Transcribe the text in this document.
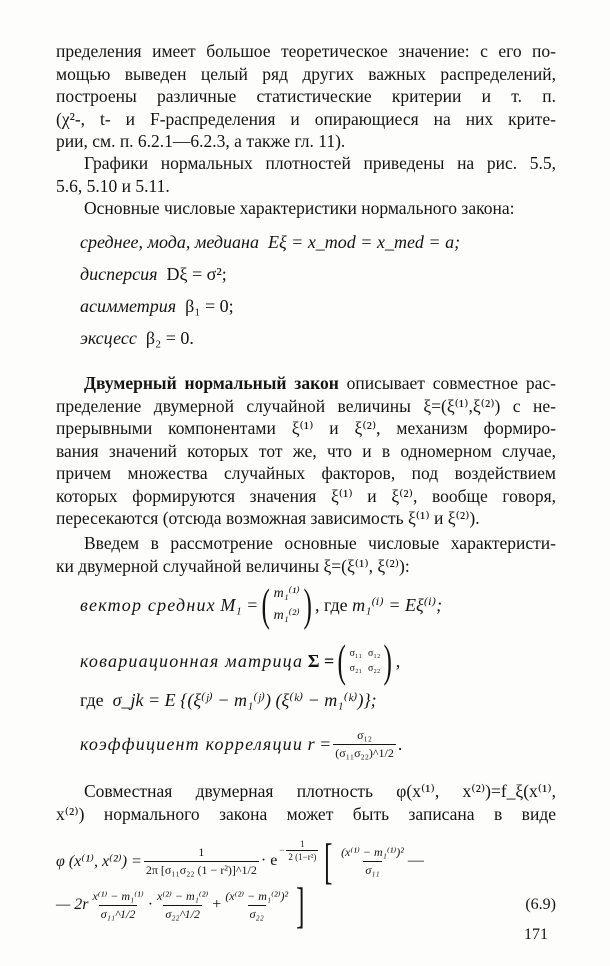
пределения имеет большое теоретическое значение: с его по-
мощью выведен целый ряд других важных распределений,
построены различные статистические критерии и т. п.
(χ²-, t- и F-распределения и опирающиеся на них крите-
рии, см. п. 6.2.1—6.2.3, а также гл. 11).
Графики нормальных плотностей приведены на рис. 5.5,
5.6, 5.10 и 5.11.
Основные числовые характеристики нормального закона:
среднее, мода, медиана Eξ = x_mod = x_med = a;
дисперсия Dξ = σ²;
асимметрия β₁ = 0;
эксцесс β₂ = 0.
Двумерный нормальный закон описывает совместное рас-
пределение двумерной случайной величины ξ=(ξ⁽¹⁾,ξ⁽²⁾) с не-
прерывными компонентами ξ⁽¹⁾ и ξ⁽²⁾, механизм формиро-
вания значений которых тот же, что и в одномерном случае,
причем множества случайных факторов, под воздействием
которых формируются значения ξ⁽¹⁾ и ξ⁽²⁾, вообще говоря,
пересекаются (отсюда возможная зависимость ξ⁽¹⁾ и ξ⁽²⁾).
Введем в рассмотрение основные числовые характеристи-
ки двумерной случайной величины ξ=(ξ⁽¹⁾, ξ⁽²⁾):
вектор средних
M₁ = ( m₁⁽¹⁾
m₁⁽²⁾ ) , где
m₁⁽ⁱ⁾ = Eξ⁽ⁱ⁾;
ковариационная матрица
Σ = ( σ₁₁ σ₁₂
σ₂₁ σ₂₂ ) ,
где σ_jk = E {(ξ⁽ʲ⁾ − m₁⁽ʲ⁾) (ξ⁽ᵏ⁾ − m₁⁽ᵏ⁾)};
коэффициент корреляции
$r = \frac{\text{σ₁₂}}{\text{(σ₁₁σ₂₂)\textasciicircum{}1/2}}$ .
Совместная двумерная плотность φ(x⁽¹⁾, x⁽²⁾)=f_ξ(x⁽¹⁾,
x⁽²⁾) нормального закона может быть записана в виде
φ (x⁽¹⁾, $x^{(2)}) = \frac{1}{\text{2π [σ₁₁σ₂₂ (1 − r²)]\textasciicircum{}1/2}} \cdot e$
− $\frac{1}{\text{2 (1−r²)}}$ [ $\frac{\text{(x⁽¹⁾ − m₁⁽¹⁾)²}}{\text{σ₁₁}}$ —
— $2r \frac{\text{x⁽¹⁾ − m₁⁽¹⁾}}{\text{σ₁₁\textasciicircum{}1/2}} \cdot \frac{\text{x⁽²⁾ − m₁⁽²⁾}}{\text{σ₂₂\textasciicircum{}1/2}} + \frac{\text{(x⁽²⁾ − m₁⁽²⁾)²}}{\text{σ₂₂}}$ ]	(6.9)
171
